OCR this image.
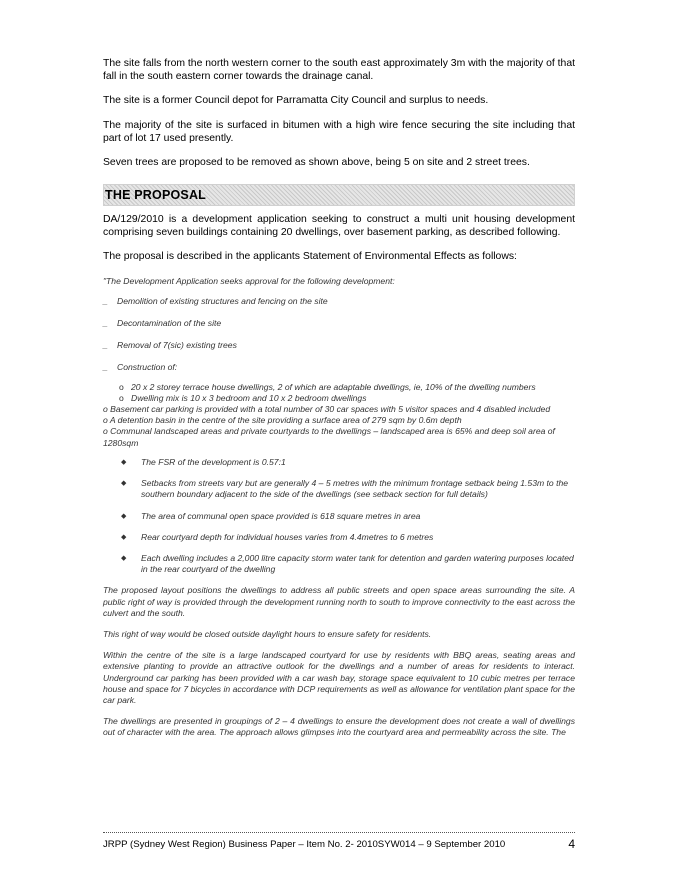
The site falls from the north western corner to the south east approximately 3m with the majority of that fall in the south eastern corner towards the drainage canal.

The site is a former Council depot for Parramatta City Council and surplus to needs.

The majority of the site is surfaced in bitumen with a high wire fence securing the site including that part of lot 17 used presently.

Seven trees are proposed to be removed as shown above, being 5 on site and 2 street trees.

THE PROPOSAL

DA/129/2010 is a development application seeking to construct a multi unit housing development comprising seven buildings containing 20 dwellings, over basement parking, as described following.

The proposal is described in the applicants Statement of Environmental Effects as follows:

"The Development Application seeks approval for the following development:
_	Demolition of existing structures and fencing on the site
_	Decontamination of the site
_	Removal of 7(sic) existing trees
_	Construction of:
o 20 x 2 storey terrace house dwellings, 2 of which are adaptable dwellings, ie, 10% of the dwelling numbers
o Dwelling mix is 10 x 3 bedroom and 10 x 2 bedroom dwellings
o Basement car parking is provided with a total number of 30 car spaces with 5 visitor spaces and 4 disabled included
o A detention basin in the centre of the site providing a surface area of 279 sqm by 0.6m depth
o Communal landscaped areas and private courtyards to the dwellings – landscaped area is 65% and deep soil area of 1280sqm
◆	The FSR of the development is 0.57:1
◆	Setbacks from streets vary but are generally 4 – 5 metres with the minimum frontage setback being 1.53m to the southern boundary adjacent to the side of the dwellings (see setback section for full details)
◆	The area of communal open space provided is 618 square metres in area
◆	Rear courtyard depth for individual houses varies from 4.4metres to 6 metres
◆	Each dwelling includes a 2,000 litre capacity storm water tank for detention and garden watering purposes located in the rear courtyard of the dwelling
The proposed layout positions the dwellings to address all public streets and open space areas surrounding the site. A public right of way is provided through the development running north to south to improve connectivity to the east across the culvert and the south.
This right of way would be closed outside daylight hours to ensure safety for residents.
Within the centre of the site is a large landscaped courtyard for use by residents with BBQ areas, seating areas and extensive planting to provide an attractive outlook for the dwellings and a number of areas for residents to interact. Underground car parking has been provided with a car wash bay, storage space equivalent to 10 cubic metres per terrace house and space for 7 bicycles in accordance with DCP requirements as well as allowance for ventilation plant space for the car park.
The dwellings are presented in groupings of 2 – 4 dwellings to ensure the development does not create a wall of dwellings out of character with the area. The approach allows glimpses into the courtyard area and permeability across the site. The
JRPP (Sydney West Region) Business Paper – Item No. 2- 2010SYW014 – 9 September 2010	4
